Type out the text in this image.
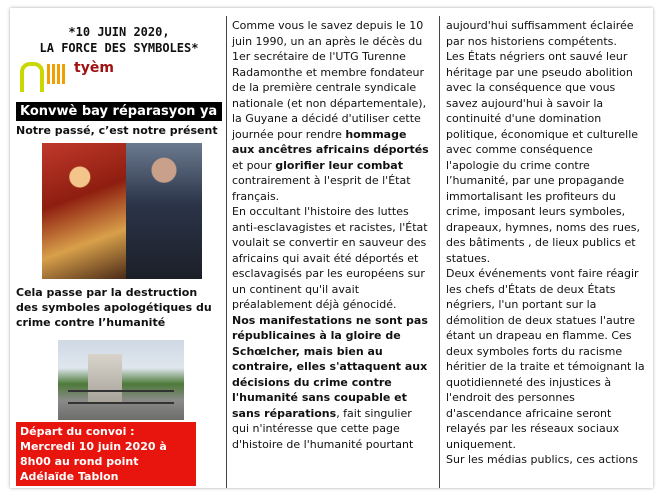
*10 JUIN 2020,
LA FORCE DES SYMBOLES*
tyèm
Konvwè bay réparasyon ya
Notre passé, c’est notre présent
Cela passe par la destruction des symboles apologétiques du crime contre l’humanité
Départ du convoi : Mercredi 10 juin 2020 à 8h00 au rond point Adélaïde Tablon

Comme vous le savez depuis le 10 juin 1990, un an après le décès du 1er secrétaire de l'UTG Turenne Radamonthe et membre fondateur de la première centrale syndicale nationale (et non départementale), la Guyane a décidé d'utiliser cette journée pour rendre hommage aux ancêtres africains déportés et pour glorifier leur combat contrairement à l'esprit de l'État français.

En occultant l'histoire des luttes anti-esclavagistes et racistes, l'État voulait se convertir en sauveur des africains qui avait été déportés et esclavagisés par les européens sur un continent qu'il avait préalablement déjà génocidé.

Nos manifestations ne sont pas républicaines à la gloire de Schœlcher, mais bien au contraire, elles s'attaquent aux décisions du crime contre l'humanité sans coupable et sans réparations, fait singulier qui n'intéresse que cette page d'histoire de l'humanité pourtant

aujourd'hui suffisamment éclairée par nos historiens compétents.

Les États négriers ont sauvé leur héritage par une pseudo abolition avec la conséquence que vous savez aujourd'hui à savoir la continuité d'une domination politique, économique et culturelle avec comme conséquence l'apologie du crime contre l’humanité, par une propagande immortalisant les profiteurs du crime, imposant leurs symboles, drapeaux, hymnes, noms des rues, des bâtiments , de lieux publics et statues.

Deux événements vont faire réagir les chefs d'États de deux États négriers, l'un portant sur la démolition de deux statues l'autre étant un drapeau en flamme. Ces deux symboles forts du racisme héritier de la traite et témoignant la quotidienneté des injustices à l'endroit des personnes d'ascendance africaine seront relayés par les réseaux sociaux uniquement.

Sur les médias publics, ces actions
